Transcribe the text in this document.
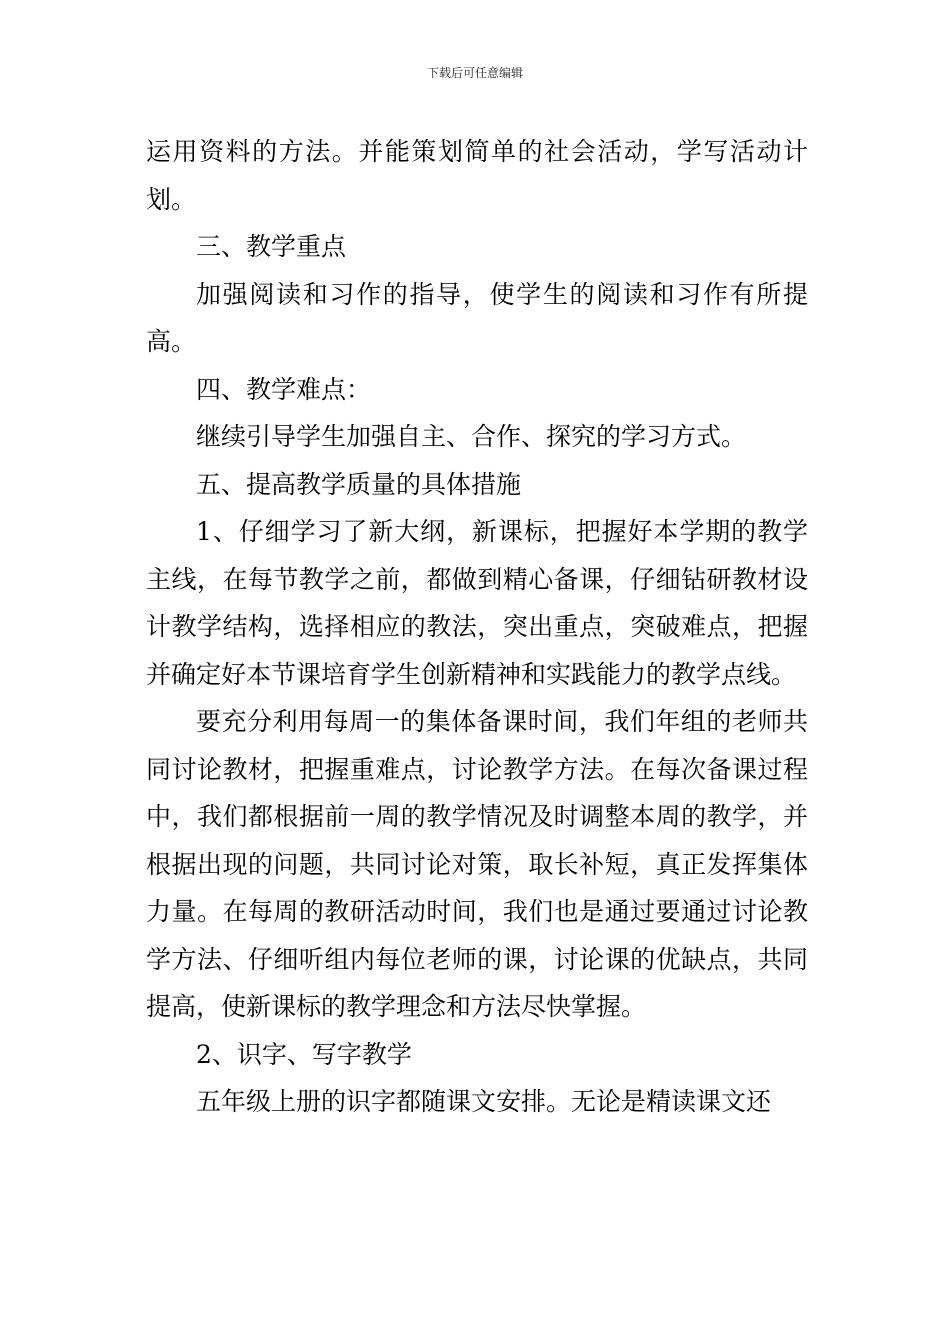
下载后可任意编辑

运用资料的方法。并能策划简单的社会活动，学写活动计划。

三、教学重点

加强阅读和习作的指导，使学生的阅读和习作有所提高。

四、教学难点：

继续引导学生加强自主、合作、探究的学习方式。

五、提高教学质量的具体措施

1、仔细学习了新大纲，新课标，把握好本学期的教学主线，在每节教学之前，都做到精心备课，仔细钻研教材设计教学结构，选择相应的教法，突出重点，突破难点，把握并确定好本节课培育学生创新精神和实践能力的教学点线。

要充分利用每周一的集体备课时间，我们年组的老师共同讨论教材，把握重难点，讨论教学方法。在每次备课过程中，我们都根据前一周的教学情况及时调整本周的教学，并根据出现的问题，共同讨论对策，取长补短，真正发挥集体力量。在每周的教研活动时间，我们也是通过要通过讨论教学方法、仔细听组内每位老师的课，讨论课的优缺点，共同提高，使新课标的教学理念和方法尽快掌握。

2、识字、写字教学

五年级上册的识字都随课文安排。无论是精读课文还
